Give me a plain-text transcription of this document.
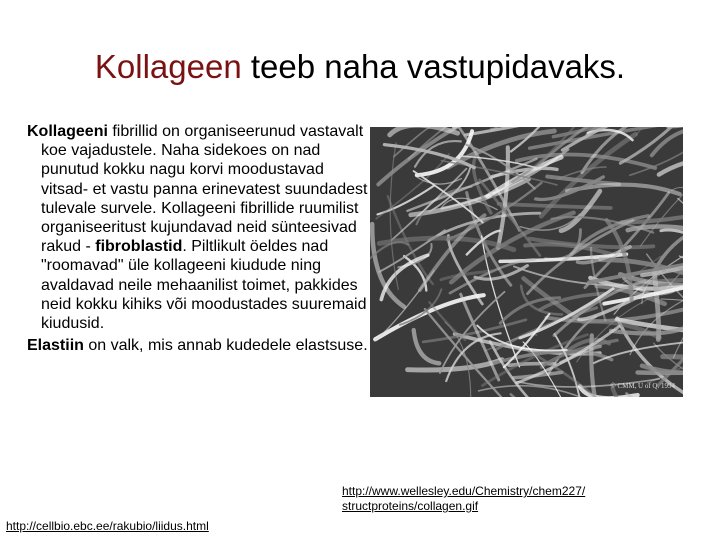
Kollageen teeb naha vastupidavaks.

Kollageeni fibrillid on organiseerunud vastavalt koe vajadustele. Naha sidekoes on nad punutud kokku nagu korvi moodustavad vitsad- et vastu panna erinevatest suundadest tulevale survele. Kollageeni fibrillide ruumilist organiseeritust kujundavad neid sünteesivad rakud - fibroblastid. Piltlikult öeldes nad "roomavad" üle kollageeni kiudude ning avaldavad neile mehaanilist toimet, pakkides neid kokku kihiks või moodustades suuremaid kiudusid.

Elastiin on valk, mis annab kudedele elastsuse.

© CMM, U of Q. 1994
http://www.wellesley.edu/Chemistry/chem227/
structproteins/collagen.gif
http://cellbio.ebc.ee/rakubio/liidus.html
